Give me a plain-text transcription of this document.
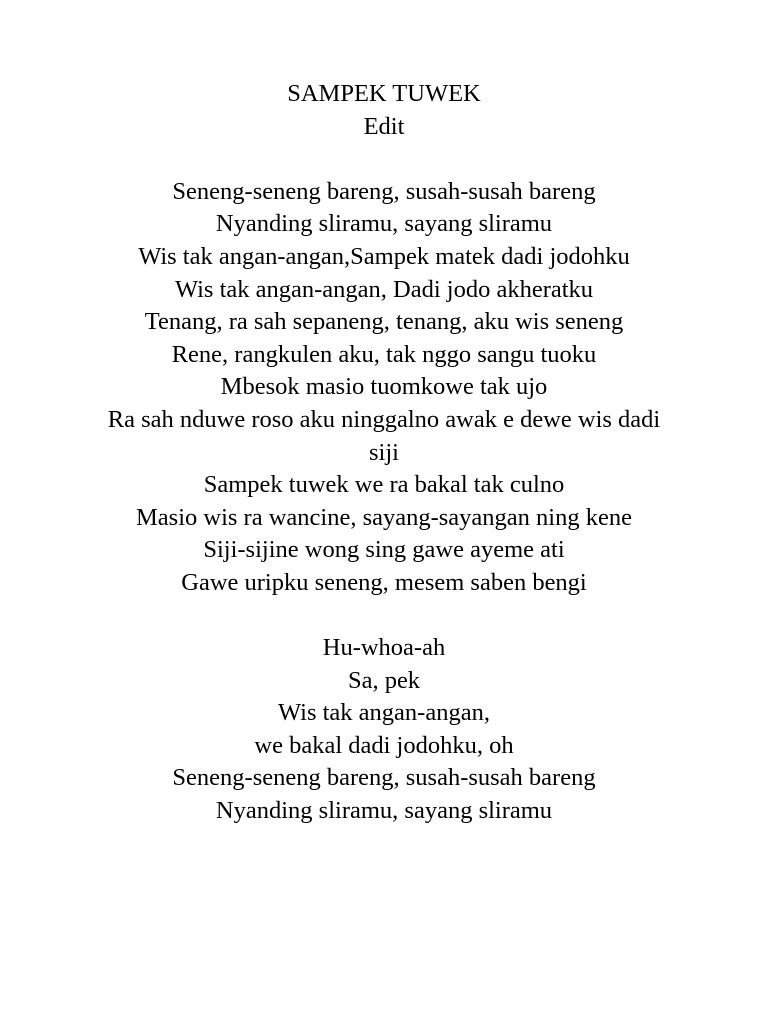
SAMPEK TUWEK
Edit
Seneng-seneng bareng, susah-susah bareng
Nyanding sliramu, sayang sliramu
Wis tak angan-angan,Sampek matek dadi jodohku
Wis tak angan-angan, Dadi jodo akheratku
Tenang, ra sah sepaneng, tenang, aku wis seneng
Rene, rangkulen aku, tak nggo sangu tuoku
Mbesok masio tuomkowe tak ujo
Ra sah nduwe roso aku ninggalno awak e dewe wis dadi siji
Sampek tuwek we ra bakal tak culno
Masio wis ra wancine, sayang-sayangan ning kene
Siji-sijine wong sing gawe ayeme ati
Gawe uripku seneng, mesem saben bengi
Hu-whoa-ah
Sa, pek
Wis tak angan-angan,
we bakal dadi jodohku, oh
Seneng-seneng bareng, susah-susah bareng
Nyanding sliramu, sayang sliramu
